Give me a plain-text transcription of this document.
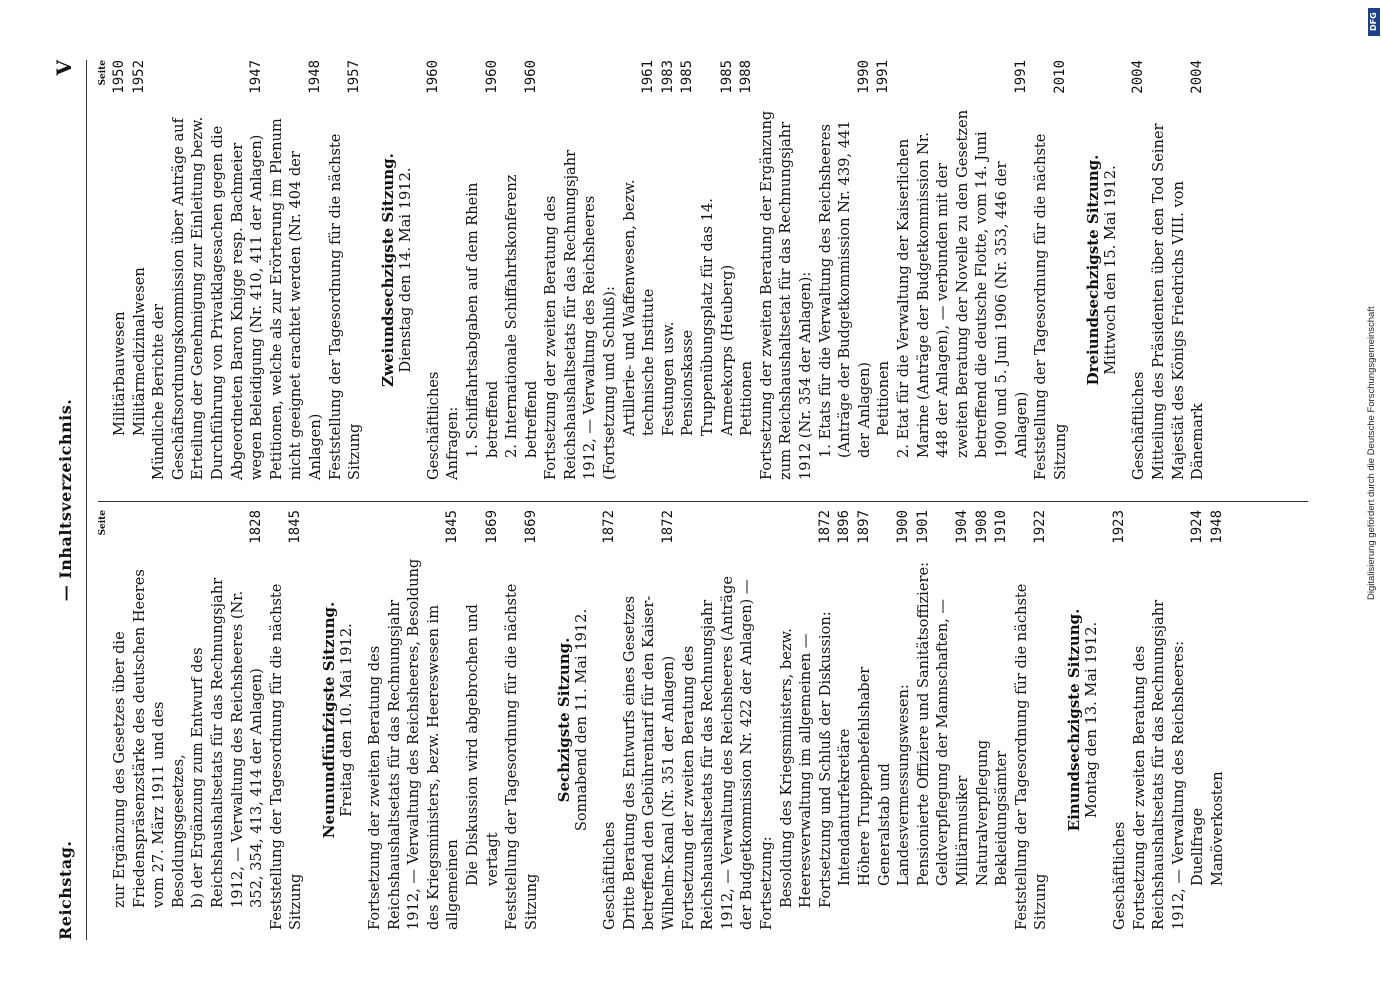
DFG
Digitalisierung gefördert durch die Deutsche Forschungsgemeinschaft
Reichstag.
— Inhaltsverzeichnis.
V
Seite
zur Ergänzung des Gesetzes über die Friedenspräsenzstärke des deutschen Heeres vom 27. März 1911 und des Besoldungsgesetzes, b) der Ergänzung zum Entwurf des Reichshaushaltsetats für das Rechnungsjahr 1912, — Verwaltung des Reichsheeres (Nr. 352, 354, 413, 414 der Anlagen)
1828
Feststellung der Tagesordnung für die nächste Sitzung
1845
Neunundfünfzigste Sitzung. Freitag den 10. Mai 1912. Fortsetzung der zweiten Beratung des Reichshaushaltsetats für das Rechnungsjahr 1912, — Verwaltung des Reichsheeres, Besoldung des Kriegsministers, bezw. Heereswesen im allgemeinen
1845
Die Diskussion wird abgebrochen und vertagt
1869
Feststellung der Tagesordnung für die nächste Sitzung
1869
Sechzigste Sitzung. Sonnabend den 11. Mai 1912.
Geschäftliches
1872
Dritte Beratung des Entwurfs eines Gesetzes betreffend den Gebührentarif für den Kaiser-Wilhelm-Kanal (Nr. 351 der Anlagen)
1872
Fortsetzung der zweiten Beratung des Reichshaushaltsetats für das Rechnungsjahr 1912, — Verwaltung des Reichsheeres (Anträge der Budgetkommission Nr. 422 der Anlagen) — Fortsetzung: Besoldung des Kriegsministers, bezw. Heeresverwaltung im allgemeinen — Fortsetzung und Schluß der Diskussion:
1872
Intendanturfekretäre
1896
Höhere Truppenbefehlshaber
1897
Generalstab und Landesvermessungswesen:
1900
Pensionierte Offiziere und Sanitätsoffiziere:
1901
Geldverpflegung der Mannschaften, — Militärmusiker
1904
Naturalverpflegung
1908
Bekleidungsämter
1910
Feststellung der Tagesordnung für die nächste Sitzung
1922
Einundsechzigste Sitzung. Montag den 13. Mai 1912.
Geschäftliches
1923
Fortsetzung der zweiten Beratung des Reichshaushaltsetats für das Rechnungsjahr 1912, — Verwaltung des Reichsheeres: Duellfrage
1924
Manöverkosten
1948
Seite
Militärbauwesen
1950
Militärmedizinalwesen
1952
Mündliche Berichte der Geschäftsordnungskommission über Anträge auf Erteilung der Genehmigung zur Einleitung bezw. Durchführung von Privatklagesachen gegen die Abgeordneten Baron Knigge resp. Bachmeier wegen Beleidigung (Nr. 410, 411 der Anlagen)
1947
Petitionen, welche als zur Erörterung im Plenum nicht geeignet erachtet werden (Nr. 404 der Anlagen)
1948
Feststellung der Tagesordnung für die nächste Sitzung
1957
Zweiundsechzigste Sitzung. Dienstag den 14. Mai 1912.
Geschäftliches
1960
Anfragen: 1. Schiffahrtsabgaben auf dem Rhein betreffend
1960
2. Internationale Schiffahrtskonferenz betreffend
1960
Fortsetzung der zweiten Beratung des Reichshaushaltsetats für das Rechnungsjahr 1912, — Verwaltung des Reichsheeres (Fortsetzung und Schluß): Artillerie- und Waffenwesen, bezw. technische Institute
1961
Festungen usw.
1983
Pensionskasse
1985
Truppenübungsplatz für das 14. Armeekorps (Heuberg)
1985
Petitionen
1988
Fortsetzung der zweiten Beratung der Ergänzung zum Reichshaushaltsetat für das Rechnungsjahr 1912 (Nr. 354 der Anlagen): 1. Etats für die Verwaltung des Reichsheeres (Anträge der Budgetkommission Nr. 439, 441 der Anlagen)
1990
Petitionen
1991
2. Etat für die Verwaltung der Kaiserlichen Marine (Anträge der Budgetkommission Nr. 448 der Anlagen), — verbunden mit der zweiten Beratung der Novelle zu den Gesetzen betreffend die deutsche Flotte, vom 14. Juni 1900 und 5. Juni 1906 (Nr. 353, 446 der Anlagen)
1991
Feststellung der Tagesordnung für die nächste Sitzung
2010
Dreiundsechzigste Sitzung. Mittwoch den 15. Mai 1912.
Geschäftliches
2004
Mitteilung des Präsidenten über den Tod Seiner Majestät des Königs Friedrichs VIII. von Dänemark
2004
